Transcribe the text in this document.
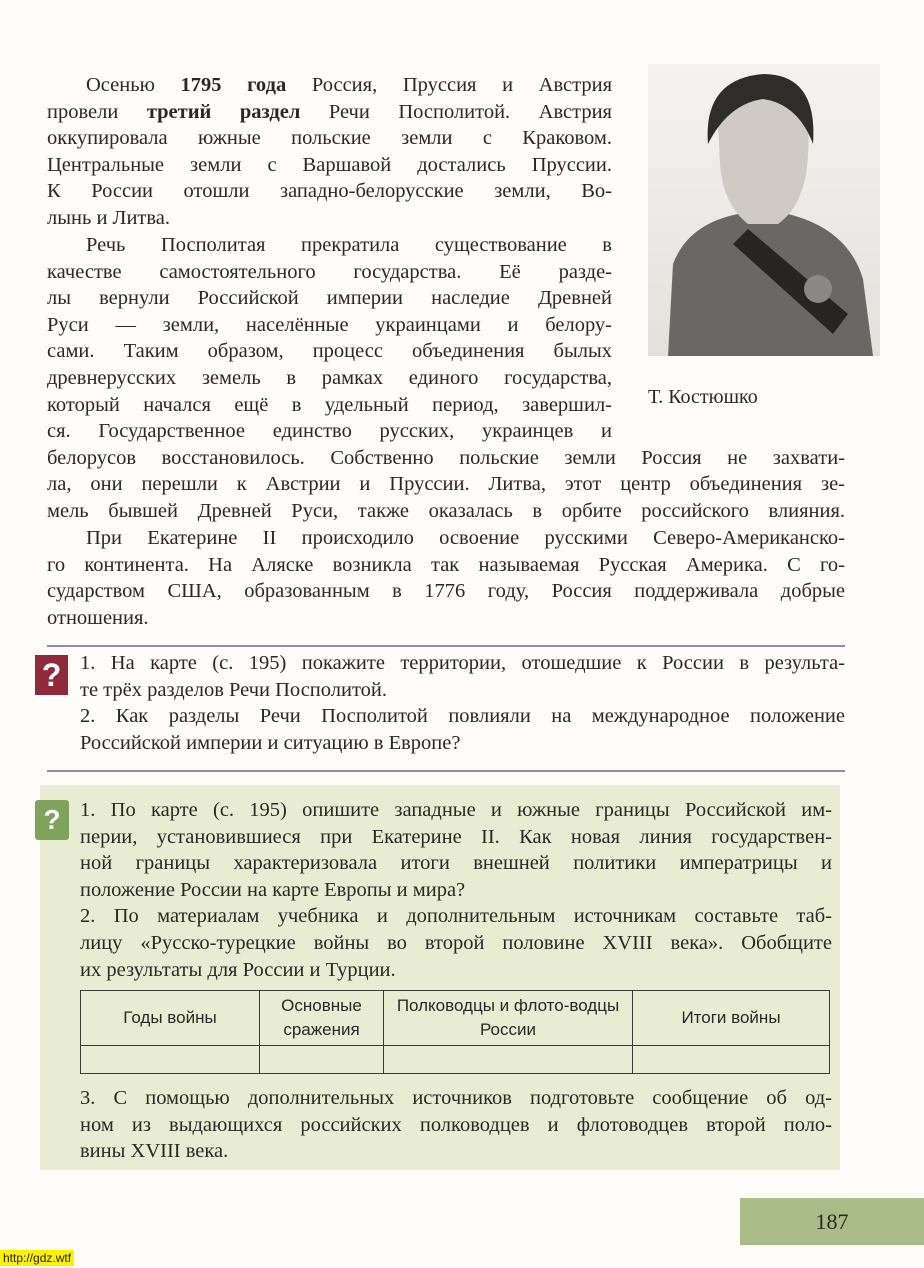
Осенью 1795 года Россия, Пруссия и Австрия
провели третий раздел Речи Посполитой. Австрия
оккупировала южные польские земли с Краковом.
Центральные земли с Варшавой достались Пруссии.
К России отошли западно-белорусские земли, Во-
лынь и Литва.
Речь Посполитая прекратила существование в
качестве самостоятельного государства. Её разде-
лы вернули Российской империи наследие Древней
Руси — земли, населённые украинцами и белору-
сами. Таким образом, процесс объединения былых
древнерусских земель в рамках единого государства,
который начался ещё в удельный период, завершил-
ся. Государственное единство русских, украинцев и
белорусов восстановилось. Собственно польские земли Россия не захвати-
ла, они перешли к Австрии и Пруссии. Литва, этот центр объединения зе-
мель бывшей Древней Руси, также оказалась в орбите российского влияния.
При Екатерине II происходило освоение русскими Северо-Американско-
го континента. На Аляске возникла так называемая Русская Америка. С го-
сударством США, образованным в 1776 году, Россия поддерживала добрые
отношения.
Т. Костюшко
? 1. На карте (с. 195) покажите территории, отошедшие к России в результа-
те трёх разделов Речи Посполитой.
2. Как разделы Речи Посполитой повлияли на международное положение
Российской империи и ситуацию в Европе?
? 1. По карте (с. 195) опишите западные и южные границы Российской им-
перии, установившиеся при Екатерине II. Как новая линия государствен-
ной границы характеризовала итоги внешней политики императрицы и
положение России на карте Европы и мира?
2. По материалам учебника и дополнительным источникам составьте таб-
лицу «Русско-турецкие войны во второй половине XVIII века». Обобщите
их результаты для России и Турции.
Годы войны	Основные сражения	Полководцы и флото-водцы России	Итоги войны

3. С помощью дополнительных источников подготовьте сообщение об од-
ном из выдающихся российских полководцев и флотоводцев второй поло-
вины XVIII века.
187
http://gdz.wtf
